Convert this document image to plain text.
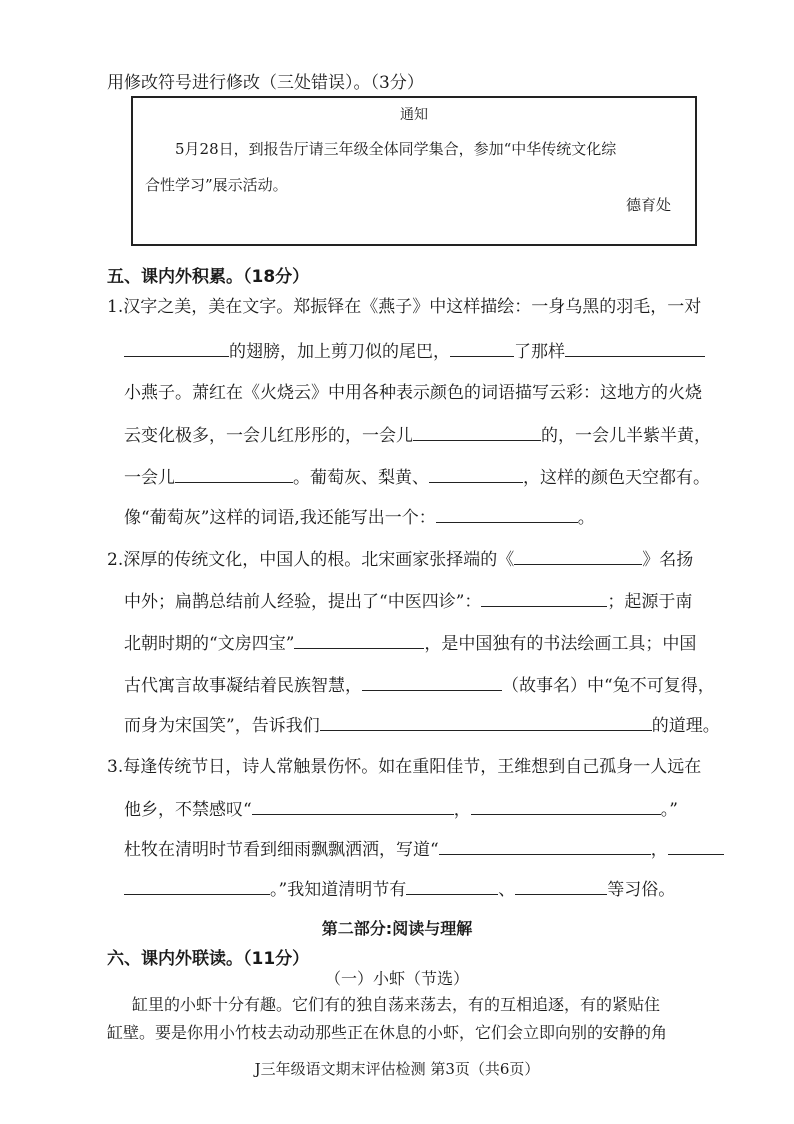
用修改符号进行修改（三处错误）。（3分）
通知
5月28日，到报告厅请三年级全体同学集合，参加“中华传统文化综
合性学习”展示活动。
德育处
五、课内外积累。（18分）
1.汉字之美，美在文字。郑振铎在《燕子》中这样描绘：一身乌黑的羽毛，一对
的翅膀，加上剪刀似的尾巴，	了那样
小燕子。萧红在《火烧云》中用各种表示颜色的词语描写云彩：这地方的火烧
云变化极多，一会儿红彤彤的，一会儿	的，一会儿半紫半黄，
一会儿	。葡萄灰、梨黄、	，这样的颜色天空都有。
像“葡萄灰”这样的词语,我还能写出一个：	。
2.深厚的传统文化，中国人的根。北宋画家张择端的《	》名扬
中外；扁鹊总结前人经验，提出了“中医四诊”：	；起源于南
北朝时期的“文房四宝”	，是中国独有的书法绘画工具；中国
古代寓言故事凝结着民族智慧，	（故事名）中“兔不可复得，
而身为宋国笑”，告诉我们	的道理。
3.每逢传统节日，诗人常触景伤怀。如在重阳佳节，王维想到自己孤身一人远在
他乡，不禁感叹“	，	。”
杜牧在清明时节看到细雨飘飘洒洒，写道“	，
。”我知道清明节有	、	等习俗。
第二部分:阅读与理解
六、课内外联读。（11分）
（一）小虾（节选）
缸里的小虾十分有趣。它们有的独自荡来荡去，有的互相追逐，有的紧贴住
缸壁。要是你用小竹枝去动动那些正在休息的小虾，它们会立即向别的安静的角
J三年级语文期末评估检测 第3页（共6页）
